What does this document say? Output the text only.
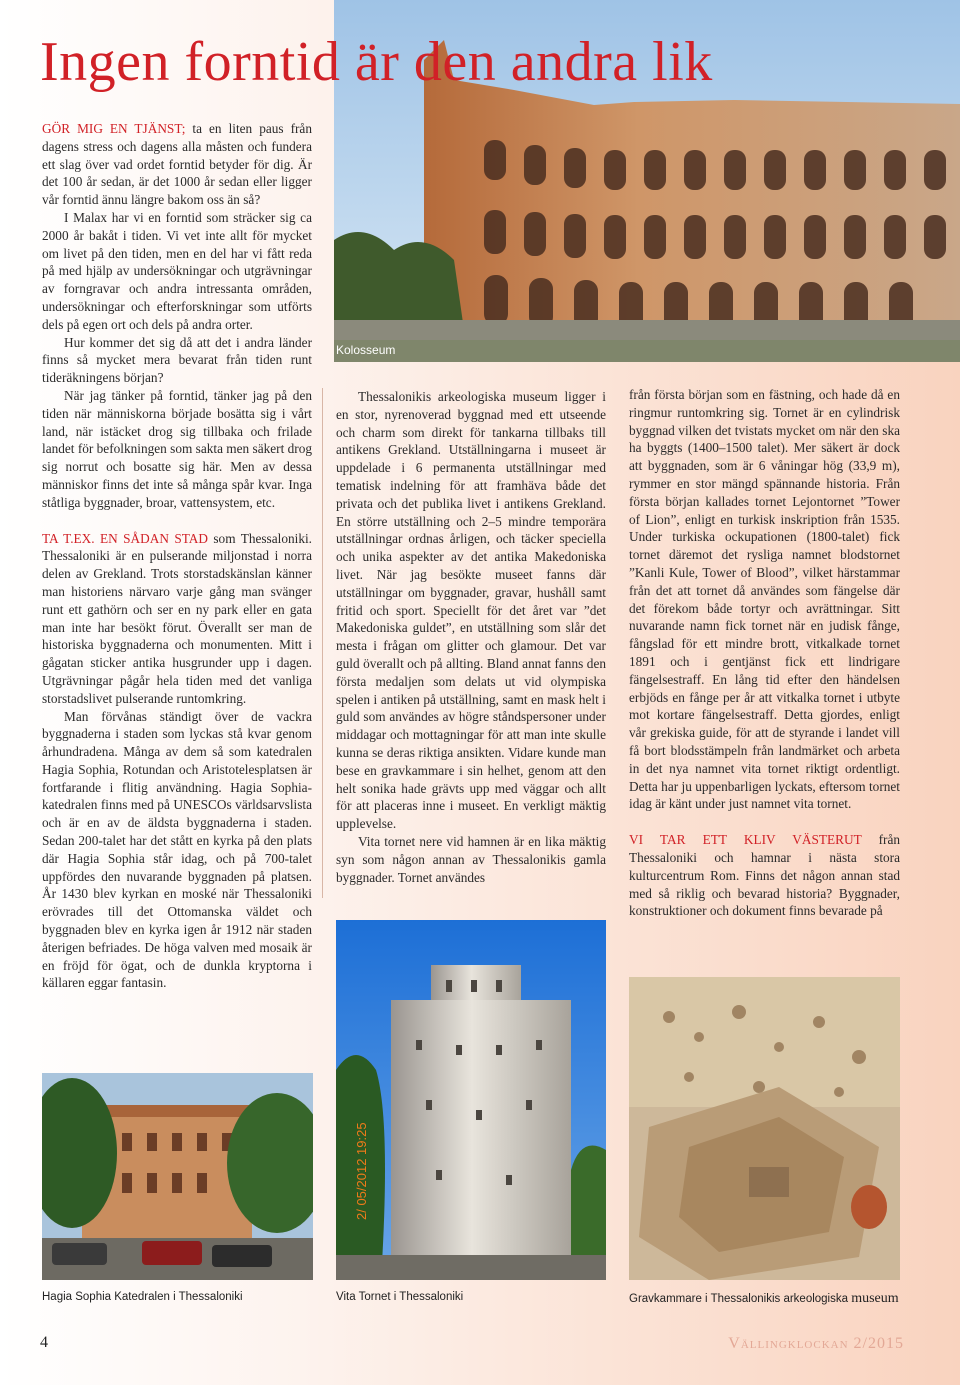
Kolosseum
Ingen forntid är den andra lik

GÖR MIG EN TJÄNST; ta en liten paus från dagens stress och dagens alla måsten och fundera ett slag över vad ordet forntid betyder för dig. Är det 100 år sedan, är det 1000 år sedan eller ligger vår forntid ännu längre bakom oss än så?

I Malax har vi en forntid som sträcker sig ca 2000 år bakåt i tiden. Vi vet inte allt för mycket om livet på den tiden, men en del har vi fått reda på med hjälp av undersökningar och utgrävningar av forngravar och andra intressanta områden, undersökningar och efterforskningar som utförts dels på egen ort och dels på andra orter.

Hur kommer det sig då att det i andra länder finns så mycket mera bevarat från tiden runt tideräkningens början?

När jag tänker på forntid, tänker jag på den tiden när människorna började bosätta sig i vårt land, när istäcket drog sig tillbaka och frilade landet för befolkningen som sakta men säkert drog sig norrut och bosatte sig här. Men av dessa människor finns det inte så många spår kvar. Inga ståtliga byggnader, broar, vattensystem, etc.

TA T.EX. EN SÅDAN STAD som Thessaloniki. Thessaloniki är en pulserande miljonstad i norra delen av Grekland. Trots storstadskänslan känner man historiens närvaro varje gång man svänger runt ett gathörn och ser en ny park eller en gata man inte har besökt förut. Överallt ser man de historiska byggnaderna och monumenten. Mitt i gågatan sticker antika husgrunder upp i dagen. Utgrävningar pågår hela tiden med det vanliga storstadslivet pulserande runtomkring.

Man förvånas ständigt över de vackra byggnaderna i staden som lyckas stå kvar genom århundradena. Många av dem så som katedralen Hagia Sophia, Rotundan och Aristotelesplatsen är fortfarande i flitig användning. Hagia Sophia-katedralen finns med på UNESCOs världsarvslista och är en av de äldsta byggnaderna i staden. Sedan 200-talet har det stått en kyrka på den plats där Hagia Sophia står idag, och på 700-talet uppfördes den nuvarande byggnaden på platsen. År 1430 blev kyrkan en moské när Thessaloniki erövrades till det Ottomanska väldet och byggnaden blev en kyrka igen år 1912 när staden återigen befriades. De höga valven med mosaik är en fröjd för ögat, och de dunkla kryptorna i källaren eggar fantasin.

Thessalonikis arkeologiska museum ligger i en stor, nyrenoverad byggnad med ett utseende och charm som direkt för tankarna tillbaks till antikens Grekland. Utställningarna i museet är uppdelade i 6 permanenta utställningar med tematisk indelning för att framhäva både det privata och det publika livet i antikens Grekland. En större utställning och 2–5 mindre temporära utställningar ordnas årligen, och täcker speciella och unika aspekter av det antika Makedoniska livet. När jag besökte museet fanns där utställningar om byggnader, gravar, hushåll samt fritid och sport. Speciellt för det året var ”det Makedoniska guldet”, en utställning som slår det mesta i frågan om glitter och glamour. Det var guld överallt och på allting. Bland annat fanns den första medaljen som delats ut vid olympiska spelen i antiken på utställning, samt en mask helt i guld som användes av högre ståndspersoner under middagar och mottagningar för att man inte skulle kunna se deras riktiga ansikten. Vidare kunde man bese en gravkammare i sin helhet, genom att den helt sonika hade grävts upp med väggar och allt för att placeras inne i museet. En verkligt mäktig upplevelse.

Vita tornet nere vid hamnen är en lika mäktig syn som någon annan av Thessalonikis gamla byggnader. Tornet användes

från första början som en fästning, och hade då en ringmur runtomkring sig. Tornet är en cylindrisk byggnad vilken det tvistats mycket om när den ska ha byggts (1400–1500 talet). Mer säkert är dock att byggnaden, som är 6 våningar hög (33,9 m), rymmer en stor mängd spännande historia. Från första början kallades tornet Lejontornet ”Tower of Lion”, enligt en turkisk inskription från 1535. Under turkiska ockupationen (1800-talet) fick tornet däremot det rysliga namnet blodstornet ”Kanli Kule, Tower of Blood”, vilket härstammar från det att tornet då användes som fängelse där det förekom både tortyr och avrättningar. Sitt nuvarande namn fick tornet när en judisk fånge, fångslad för ett mindre brott, vitkalkade tornet 1891 och i gentjänst fick ett lindrigare fängelsestraff. En lång tid efter den händelsen erbjöds en fånge per år att vitkalka tornet i utbyte mot kortare fängelsestraff. Detta gjordes, enligt vår grekiska guide, för att de styrande i landet vill få bort blodsstämpeln från landmärket och arbeta in det nya namnet vita tornet riktigt ordentligt. Detta har ju uppenbarligen lyckats, eftersom tornet idag är känt under just namnet vita tornet.

VI TAR ETT KLIV VÄSTERUT från Thessaloniki och hamnar i nästa stora kulturcentrum Rom. Finns det någon annan stad med så riklig och bevarad historia? Byggnader, konstruktioner och dokument finns bevarade på

Hagia Sophia Katedralen i Thessaloniki
2/ 05/2012 19:25
Vita Tornet i Thessaloniki	Gravkammare i Thessalonikis arkeologiska museum
4	Vällingklockan 2/2015
